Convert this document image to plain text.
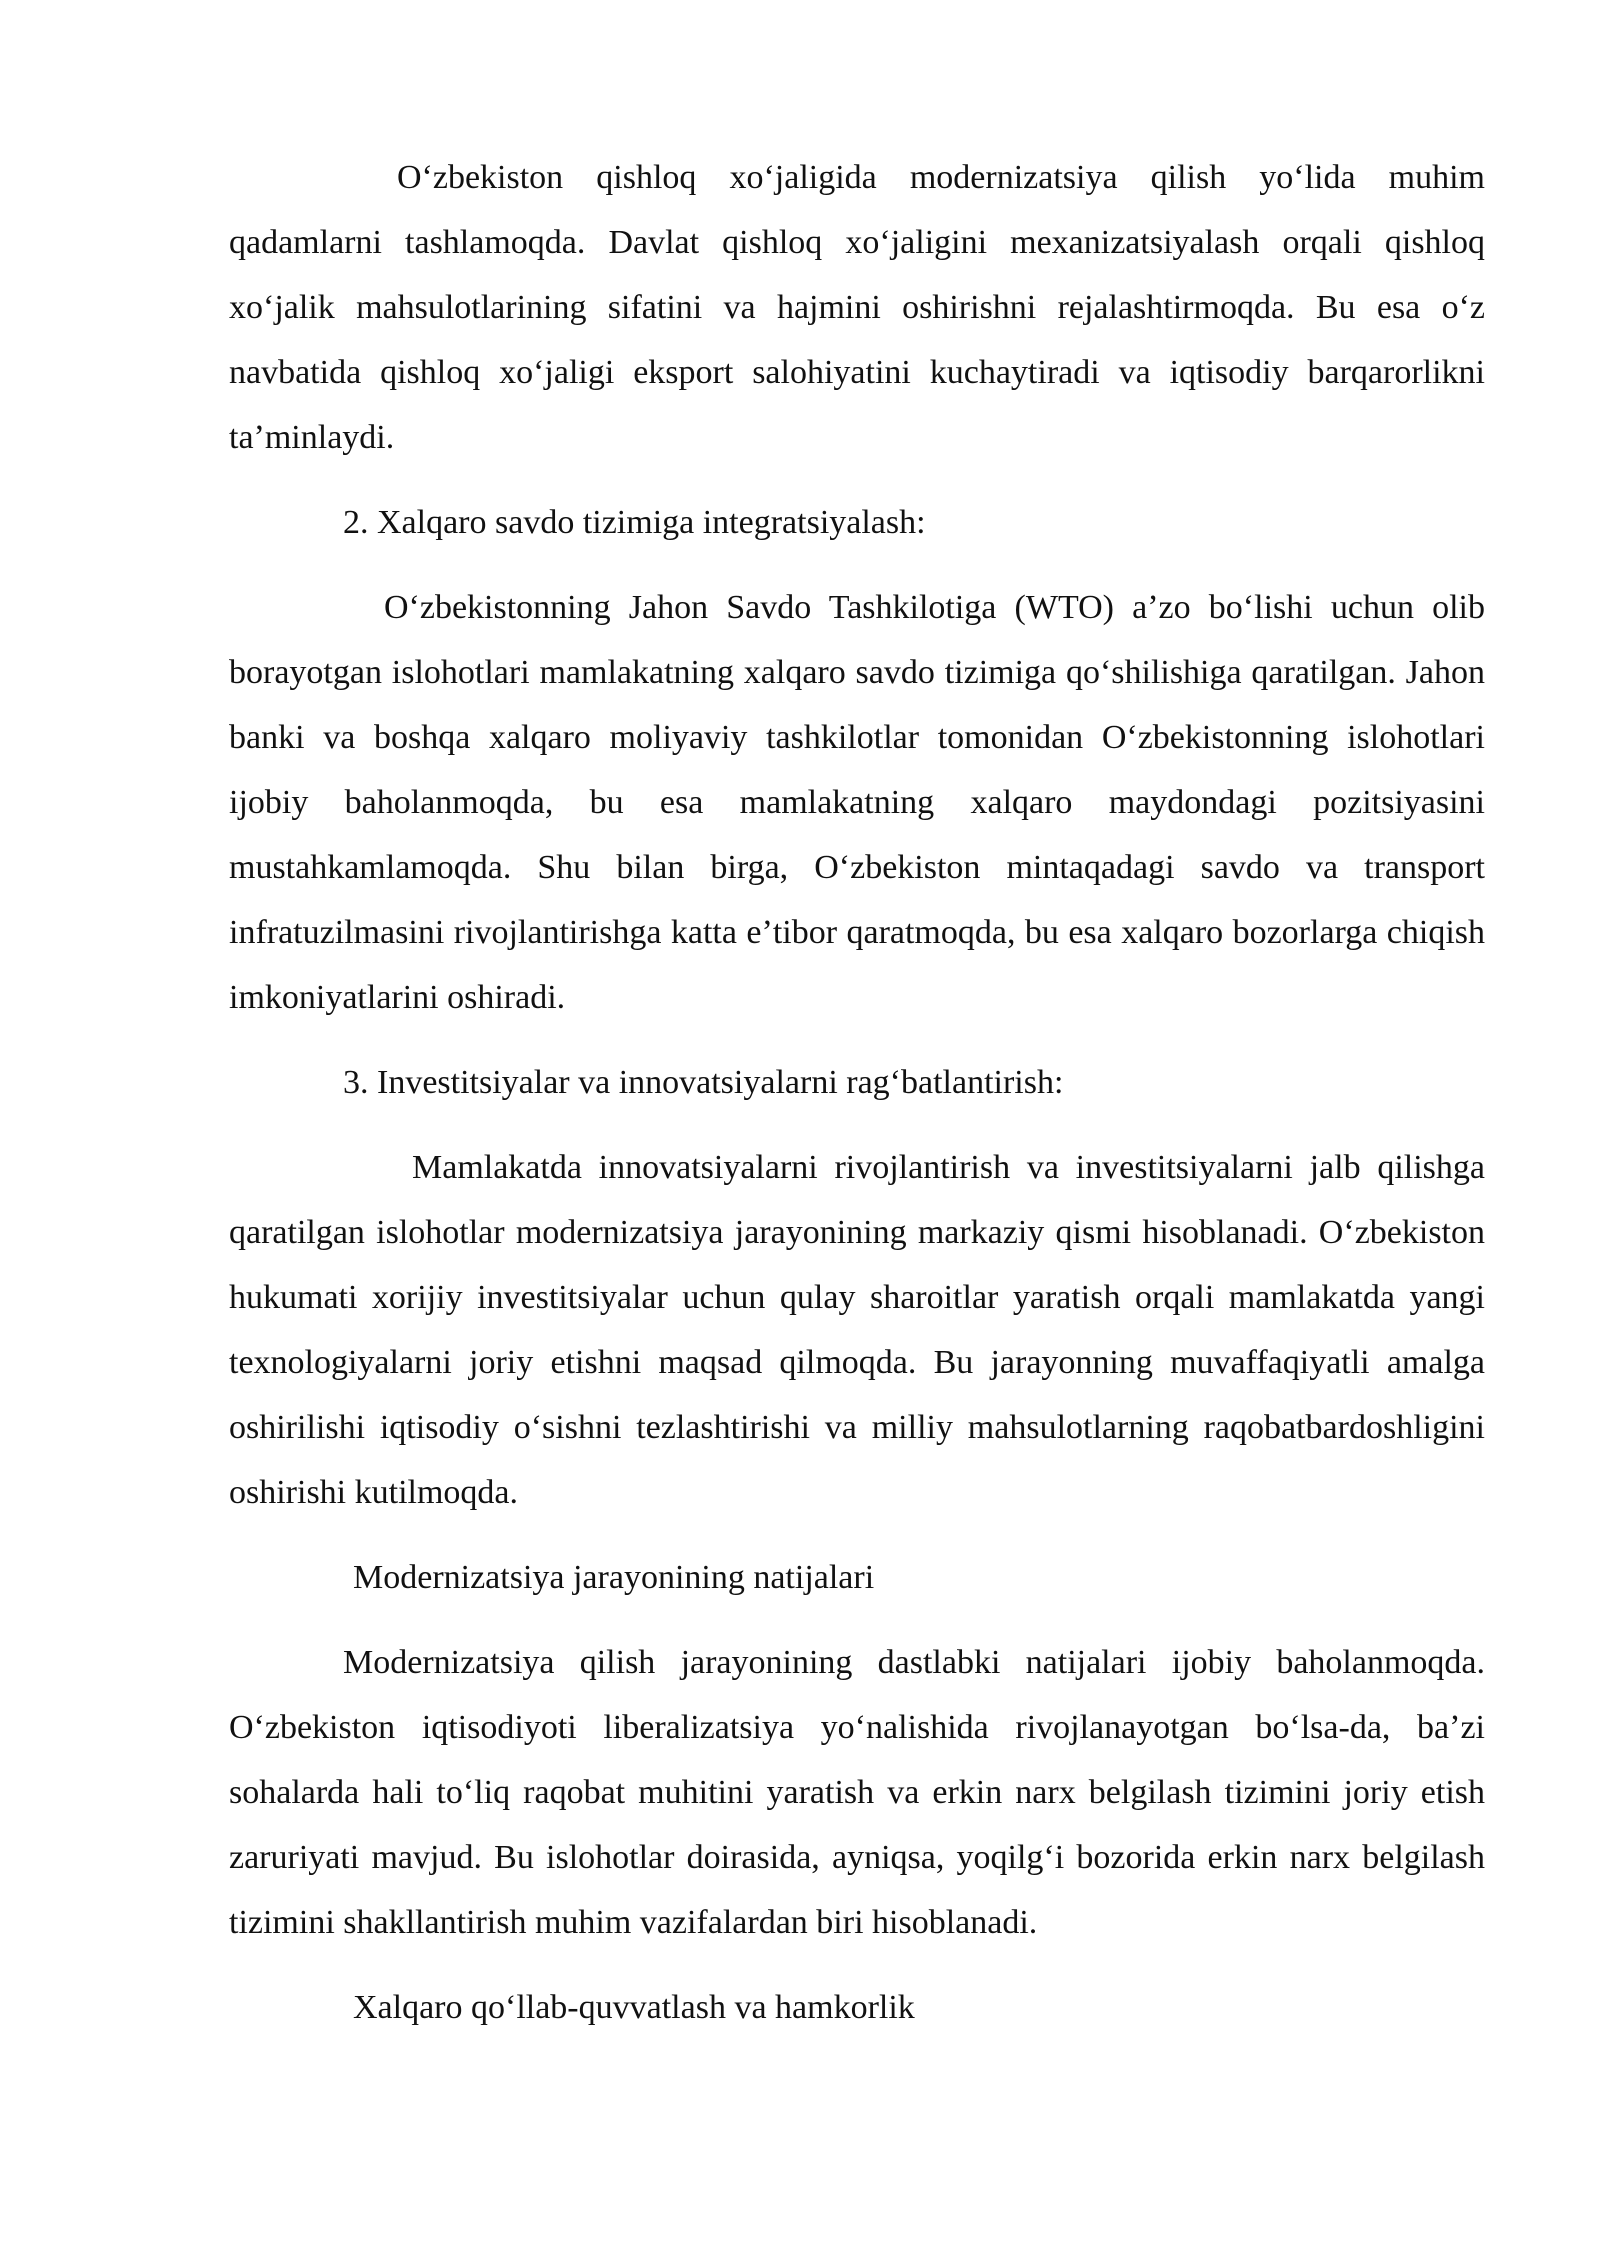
Oʻzbekiston qishloq xoʻjaligida modernizatsiya qilish yoʻlida muhim qadamlarni tashlamoqda. Davlat qishloq xoʻjaligini mexanizatsiyalash orqali qishloq xoʻjalik mahsulotlarining sifatini va hajmini oshirishni rejalashtirmoqda. Bu esa oʻz navbatida qishloq xoʻjaligi eksport salohiyatini kuchaytiradi va iqtisodiy barqarorlikni taʼminlaydi.

2. Xalqaro savdo tizimiga integratsiyalash:

Oʻzbekistonning Jahon Savdo Tashkilotiga (WTO) aʼzo boʻlishi uchun olib borayotgan islohotlari mamlakatning xalqaro savdo tizimiga qoʻshilishiga qaratilgan. Jahon banki va boshqa xalqaro moliyaviy tashkilotlar tomonidan Oʻzbekistonning islohotlari ijobiy baholanmoqda, bu esa mamlakatning xalqaro maydondagi pozitsiyasini mustahkamlamoqda. Shu bilan birga, Oʻzbekiston mintaqadagi savdo va transport infratuzilmasini rivojlantirishga katta eʼtibor qaratmoqda, bu esa xalqaro bozorlarga chiqish imkoniyatlarini oshiradi.

3. Investitsiyalar va innovatsiyalarni ragʻbatlantirish:

Mamlakatda innovatsiyalarni rivojlantirish va investitsiyalarni jalb qilishga qaratilgan islohotlar modernizatsiya jarayonining markaziy qismi hisoblanadi. Oʻzbekiston hukumati xorijiy investitsiyalar uchun qulay sharoitlar yaratish orqali mamlakatda yangi texnologiyalarni joriy etishni maqsad qilmoqda. Bu jarayonning muvaffaqiyatli amalga oshirilishi iqtisodiy oʻsishni tezlashtirishi va milliy mahsulotlarning raqobatbardoshligini oshirishi kutilmoqda.

Modernizatsiya jarayonining natijalari

Modernizatsiya qilish jarayonining dastlabki natijalari ijobiy baholanmoqda. Oʻzbekiston iqtisodiyoti liberalizatsiya yoʻnalishida rivojlanayotgan boʻlsa-da, baʼzi sohalarda hali toʻliq raqobat muhitini yaratish va erkin narx belgilash tizimini joriy etish zaruriyati mavjud. Bu islohotlar doirasida, ayniqsa, yoqilgʻi bozorida erkin narx belgilash tizimini shakllantirish muhim vazifalardan biri hisoblanadi.

Xalqaro qoʻllab-quvvatlash va hamkorlik
